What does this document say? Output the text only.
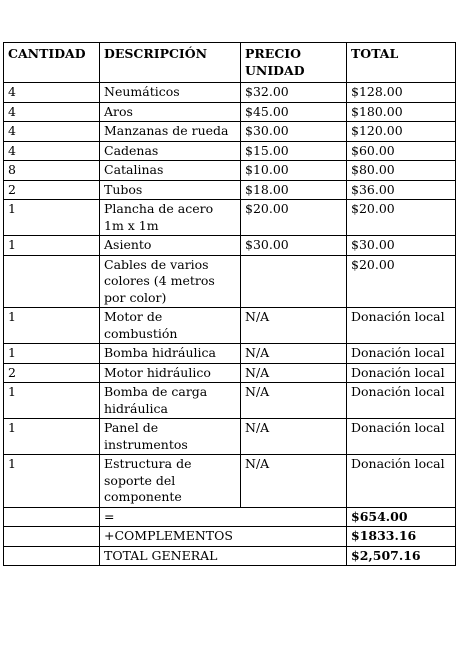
CANTIDAD	DESCRIPCIÓN	PRECIO UNIDAD	TOTAL
4	Neumáticos	$32.00	$128.00
4	Aros	$45.00	$180.00
4	Manzanas de rueda	$30.00	$120.00
4	Cadenas	$15.00	$60.00
8	Catalinas	$10.00	$80.00
2	Tubos	$18.00	$36.00
1	Plancha de acero 1m x 1m	$20.00	$20.00
1	Asiento	$30.00	$30.00
	Cables de varios colores (4 metros por color)		$20.00
1	Motor de combustión	N/A	Donación local
1	Bomba hidráulica	N/A	Donación local
2	Motor hidráulico	N/A	Donación local
1	Bomba de carga hidráulica	N/A	Donación local
1	Panel de instrumentos	N/A	Donación local
1	Estructura de soporte del componente	N/A	Donación local
	=		$654.00
	+COMPLEMENTOS		$1833.16
	TOTAL GENERAL		$2,507.16
